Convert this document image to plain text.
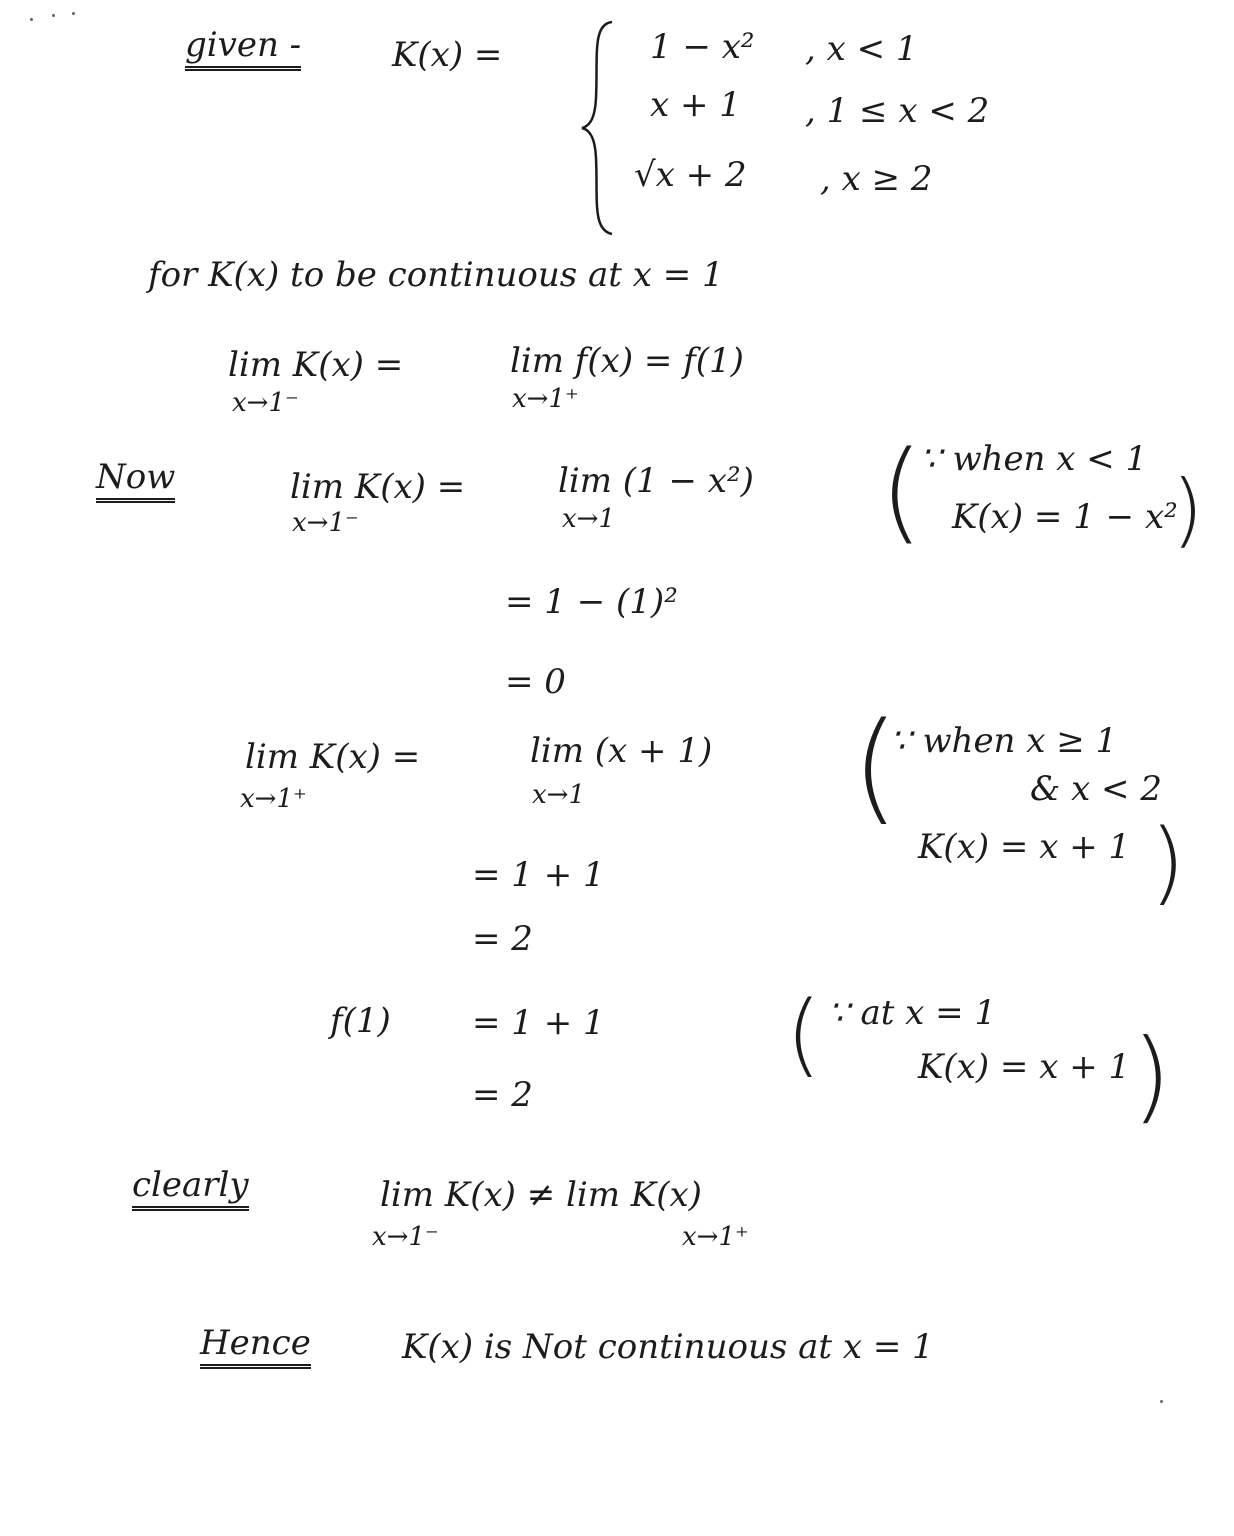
given -	K(x) =	1 − x² , x < 1
x + 1 , 1 ≤ x < 2
√x + 2 , x ≥ 2
for K(x) to be continuous at x = 1
lim K(x) =
x→1⁻
lim f(x) = f(1)
x→1⁺
Now	lim K(x) =
x→1⁻
lim (1 − x²)
x→1 (
∵ when x < 1
K(x) = 1 − x²
)
= 1 − (1)²
= 0
lim K(x) =
x→1⁺
lim (x + 1)
x→1 (
∵ when x ≥ 1
& x < 2
K(x) = x + 1 )
= 1 + 1
= 2
f(1) = 1 + 1
= 2
( ∵ at x = 1
K(x) = x + 1 )
clearly	lim K(x) ≠ lim K(x)
x→1⁻	x→1⁺
Hence	K(x) is Not continuous at x = 1
